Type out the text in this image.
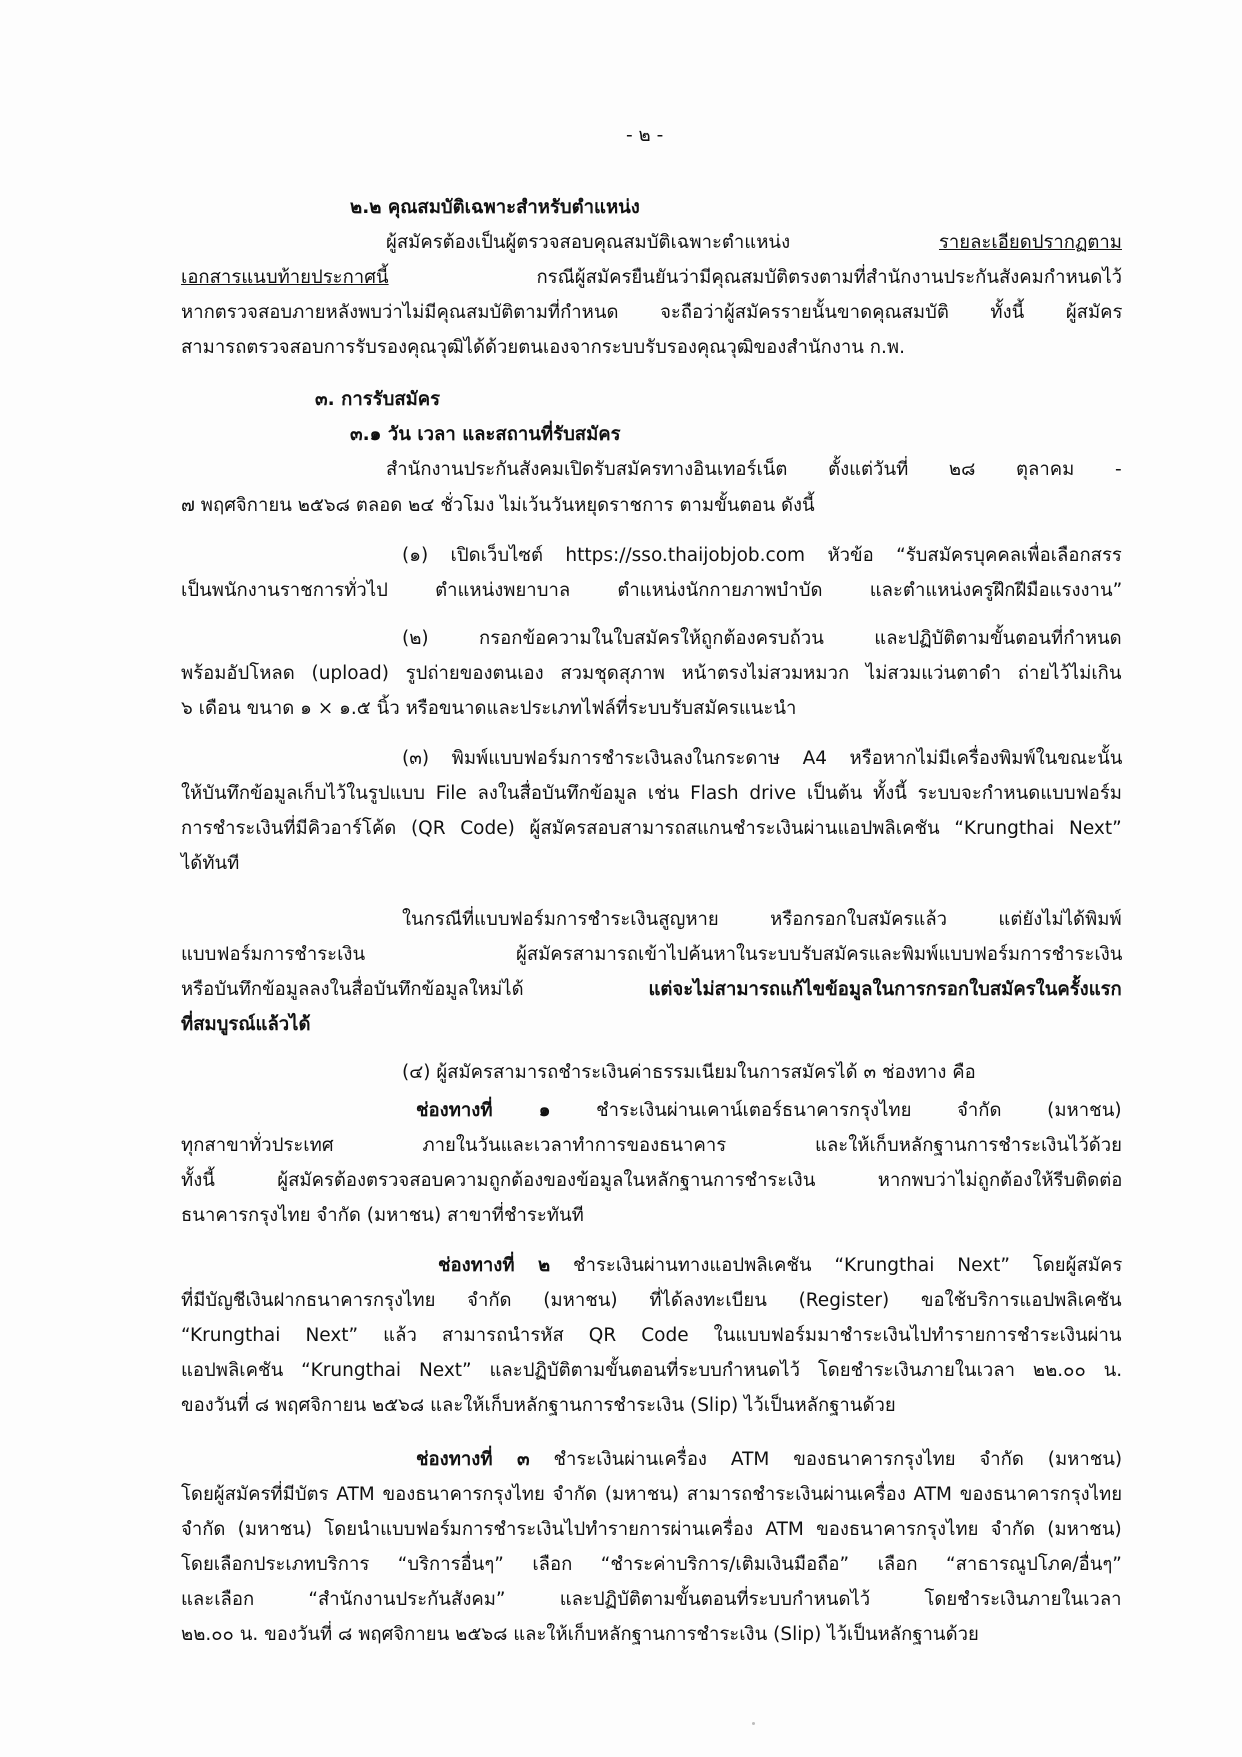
- ๒ -
๒.๒ คุณสมบัติเฉพาะสำหรับตำแหน่ง
ผู้สมัครต้องเป็นผู้ตรวจสอบคุณสมบัติเฉพาะตำแหน่ง รายละเอียดปรากฏตาม
เอกสารแนบท้ายประกาศนี้ กรณีผู้สมัครยืนยันว่ามีคุณสมบัติตรงตามที่สำนักงานประกันสังคมกำหนดไว้
หากตรวจสอบภายหลังพบว่าไม่มีคุณสมบัติตามที่กำหนด จะถือว่าผู้สมัครรายนั้นขาดคุณสมบัติ ทั้งนี้ ผู้สมัคร
สามารถตรวจสอบการรับรองคุณวุฒิได้ด้วยตนเองจากระบบรับรองคุณวุฒิของสำนักงาน ก.พ.
๓. การรับสมัคร
๓.๑ วัน เวลา และสถานที่รับสมัคร
สำนักงานประกันสังคมเปิดรับสมัครทางอินเทอร์เน็ต ตั้งแต่วันที่ ๒๘ ตุลาคม -
๗ พฤศจิกายน ๒๕๖๘ ตลอด ๒๔ ชั่วโมง ไม่เว้นวันหยุดราชการ ตามขั้นตอน ดังนี้
(๑) เปิดเว็บไซต์ https://sso.thaijobjob.com หัวข้อ “รับสมัครบุคคลเพื่อเลือกสรร
เป็นพนักงานราชการทั่วไป ตำแหน่งพยาบาล ตำแหน่งนักกายภาพบำบัด และตำแหน่งครูฝึกฝีมือแรงงาน”
(๒) กรอกข้อความในใบสมัครให้ถูกต้องครบถ้วน และปฏิบัติตามขั้นตอนที่กำหนด
พร้อมอัปโหลด (upload) รูปถ่ายของตนเอง สวมชุดสุภาพ หน้าตรงไม่สวมหมวก ไม่สวมแว่นตาดำ ถ่ายไว้ไม่เกิน
๖ เดือน ขนาด ๑ × ๑.๕ นิ้ว หรือขนาดและประเภทไฟล์ที่ระบบรับสมัครแนะนำ
(๓) พิมพ์แบบฟอร์มการชำระเงินลงในกระดาษ A4 หรือหากไม่มีเครื่องพิมพ์ในขณะนั้น
ให้บันทึกข้อมูลเก็บไว้ในรูปแบบ File ลงในสื่อบันทึกข้อมูล เช่น Flash drive เป็นต้น ทั้งนี้ ระบบจะกำหนดแบบฟอร์ม
การชำระเงินที่มีคิวอาร์โค้ด (QR Code) ผู้สมัครสอบสามารถสแกนชำระเงินผ่านแอปพลิเคชัน “Krungthai Next”
ได้ทันที
ในกรณีที่แบบฟอร์มการชำระเงินสูญหาย หรือกรอกใบสมัครแล้ว แต่ยังไม่ได้พิมพ์
แบบฟอร์มการชำระเงิน ผู้สมัครสามารถเข้าไปค้นหาในระบบรับสมัครและพิมพ์แบบฟอร์มการชำระเงิน
หรือบันทึกข้อมูลลงในสื่อบันทึกข้อมูลใหม่ได้ แต่จะไม่สามารถแก้ไขข้อมูลในการกรอกใบสมัครในครั้งแรก
ที่สมบูรณ์แล้วได้
(๔) ผู้สมัครสามารถชำระเงินค่าธรรมเนียมในการสมัครได้ ๓ ช่องทาง คือ
ช่องทางที่ ๑ ชำระเงินผ่านเคาน์เตอร์ธนาคารกรุงไทย จำกัด (มหาชน)
ทุกสาขาทั่วประเทศ ภายในวันและเวลาทำการของธนาคาร และให้เก็บหลักฐานการชำระเงินไว้ด้วย
ทั้งนี้ ผู้สมัครต้องตรวจสอบความถูกต้องของข้อมูลในหลักฐานการชำระเงิน หากพบว่าไม่ถูกต้องให้รีบติดต่อ
ธนาคารกรุงไทย จำกัด (มหาชน) สาขาที่ชำระทันที
ช่องทางที่ ๒ ชำระเงินผ่านทางแอปพลิเคชัน “Krungthai Next” โดยผู้สมัคร
ที่มีบัญชีเงินฝากธนาคารกรุงไทย จำกัด (มหาชน) ที่ได้ลงทะเบียน (Register) ขอใช้บริการแอปพลิเคชัน
“Krungthai Next” แล้ว สามารถนำรหัส QR Code ในแบบฟอร์มมาชำระเงินไปทำรายการชำระเงินผ่าน
แอปพลิเคชัน “Krungthai Next” และปฏิบัติตามขั้นตอนที่ระบบกำหนดไว้ โดยชำระเงินภายในเวลา ๒๒.๐๐ น.
ของวันที่ ๘ พฤศจิกายน ๒๕๖๘ และให้เก็บหลักฐานการชำระเงิน (Slip) ไว้เป็นหลักฐานด้วย
ช่องทางที่ ๓ ชำระเงินผ่านเครื่อง ATM ของธนาคารกรุงไทย จำกัด (มหาชน)
โดยผู้สมัครที่มีบัตร ATM ของธนาคารกรุงไทย จำกัด (มหาชน) สามารถชำระเงินผ่านเครื่อง ATM ของธนาคารกรุงไทย
จำกัด (มหาชน) โดยนำแบบฟอร์มการชำระเงินไปทำรายการผ่านเครื่อง ATM ของธนาคารกรุงไทย จำกัด (มหาชน)
โดยเลือกประเภทบริการ “บริการอื่นๆ” เลือก “ชำระค่าบริการ/เติมเงินมือถือ” เลือก “สาธารณูปโภค/อื่นๆ”
และเลือก “สำนักงานประกันสังคม” และปฏิบัติตามขั้นตอนที่ระบบกำหนดไว้ โดยชำระเงินภายในเวลา
๒๒.๐๐ น. ของวันที่ ๘ พฤศจิกายน ๒๕๖๘ และให้เก็บหลักฐานการชำระเงิน (Slip) ไว้เป็นหลักฐานด้วย
